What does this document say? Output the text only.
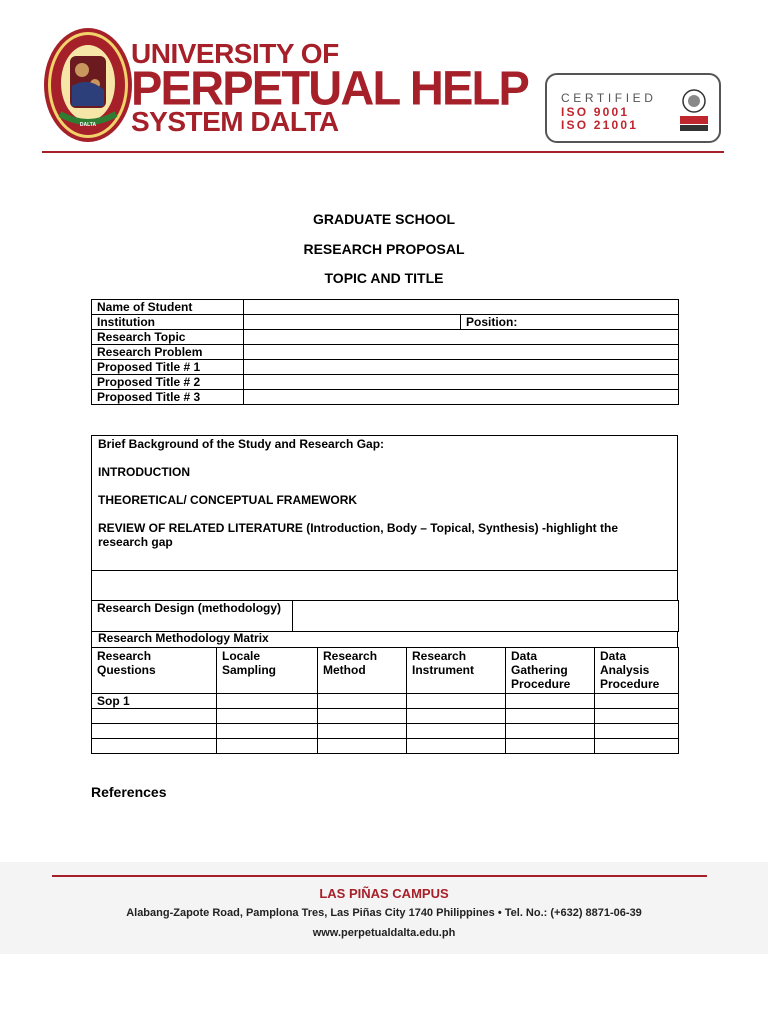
DALTA
UNIVERSITY OF
PERPETUAL HELP
SYSTEM DALTA
CERTIFIED
ISO 9001
ISO 21001
GRADUATE SCHOOL
RESEARCH PROPOSAL
TOPIC AND TITLE
Name of Student		
Institution		Position:
Research Topic		
Research Problem		
Proposed Title # 1		
Proposed Title # 2		
Proposed Title # 3		

Brief Background of the Study and Research Gap:

INTRODUCTION

THEORETICAL/ CONCEPTUAL FRAMEWORK

REVIEW OF RELATED LITERATURE (Introduction, Body – Topical, Synthesis) -highlight the research gap

Research Design (methodology)	
Research Methodology Matrix
Research Questions	Locale Sampling	Research Method	Research Instrument	Data Gathering Procedure	Data Analysis Procedure
Sop 1					

References
LAS PIÑAS CAMPUS
Alabang-Zapote Road, Pamplona Tres, Las Piñas City 1740 Philippines • Tel. No.: (+632) 8871-06-39
www.perpetualdalta.edu.ph
